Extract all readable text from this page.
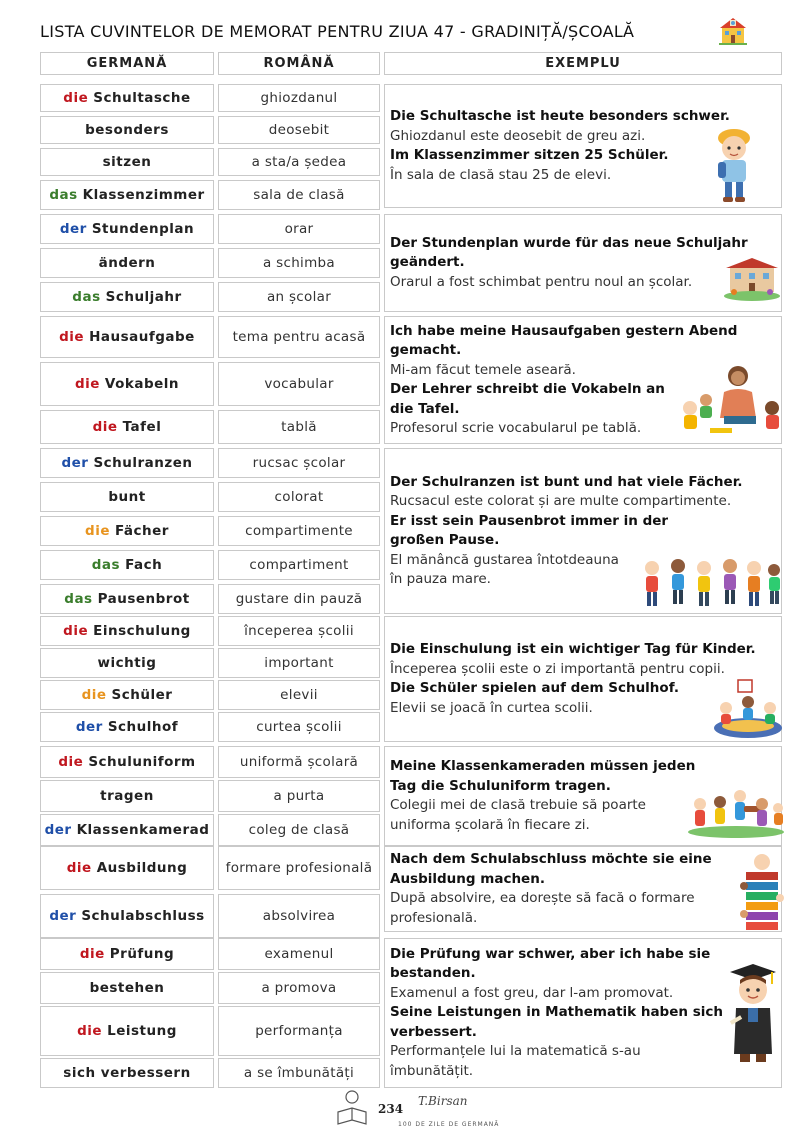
LISTA CUVINTELOR DE MEMORAT PENTRU ZIUA 47 - GRADINIȚĂ/ȘCOALĂ
GERMANĂ	ROMÂNĂ	EXEMPLU
die Schultasche	ghiozdanul
besonders	deosebit
sitzen	a sta/a ședea
das Klassenzimmer	sala de clasă
der Stundenplan	orar
ändern	a schimba
das Schuljahr	an școlar
die Hausaufgabe	tema pentru acasă
die Vokabeln	vocabular
die Tafel	tablă
der Schulranzen	rucsac școlar
bunt	colorat
die Fächer	compartimente
das Fach	compartiment
das Pausenbrot	gustare din pauză
die Einschulung	începerea școlii
wichtig	important
die Schüler	elevii
der Schulhof	curtea școlii
die Schuluniform	uniformă școlară
tragen	a purta
der Klassenkamerad	coleg de clasă
die Ausbildung	formare profesională
der Schulabschluss	absolvirea
die Prüfung	examenul
bestehen	a promova
die Leistung	performanța
sich verbessern	a se îmbunătăți
Die Schultasche ist heute besonders schwer.
Ghiozdanul este deosebit de greu azi.
Im Klassenzimmer sitzen 25 Schüler.
În sala de clasă stau 25 de elevi.
Der Stundenplan wurde für das neue Schuljahr
geändert.
Orarul a fost schimbat pentru noul an școlar.
Ich habe meine Hausaufgaben gestern Abend
gemacht.
Mi-am făcut temele aseară.
Der Lehrer schreibt die Vokabeln an
die Tafel.
Profesorul scrie vocabularul pe tablă.
Der Schulranzen ist bunt und hat viele Fächer.
Rucsacul este colorat și are multe compartimente.
Er isst sein Pausenbrot immer in der
großen Pause.
El mănâncă gustarea întotdeauna
în pauza mare.
Die Einschulung ist ein wichtiger Tag für Kinder.
Începerea școlii este o zi importantă pentru copii.
Die Schüler spielen auf dem Schulhof.
Elevii se joacă în curtea scolii.
Meine Klassenkameraden müssen jeden
Tag die Schuluniform tragen.
Colegii mei de clasă trebuie să poarte
uniforma școlară în fiecare zi.
Nach dem Schulabschluss möchte sie eine
Ausbildung machen.
După absolvire, ea dorește să facă o formare
profesională.
Die Prüfung war schwer, aber ich habe sie
bestanden.
Examenul a fost greu, dar l-am promovat.
Seine Leistungen in Mathematik haben sich
verbessert.
Performanțele lui la matematică s-au
îmbunătățit.
234
T.Birsan
100 DE ZILE DE GERMANĂ
